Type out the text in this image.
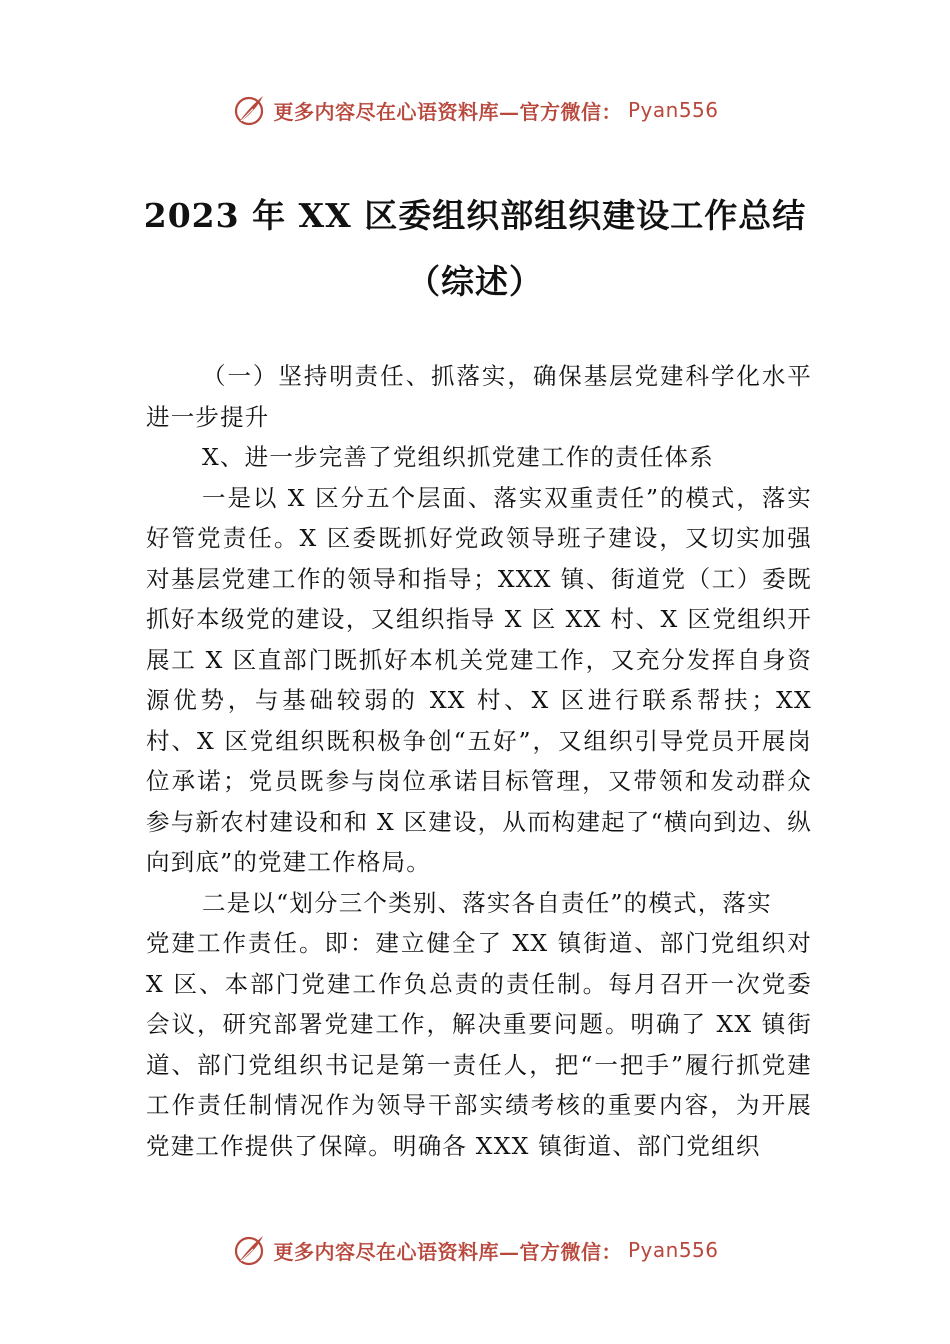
更多内容尽在心语资料库—官方微信： Pyan556
2023 年 XX 区委组织部组织建设工作总结
（综述）

（一）坚持明责任、抓落实，确保基层党建科学化水平进一步提升

X、进一步完善了党组织抓党建工作的责任体系

一是以 X 区分五个层面、落实双重责任”的模式，落实好管党责任。X 区委既抓好党政领导班子建设，又切实加强对基层党建工作的领导和指导；XXX 镇、街道党（工）委既抓好本级党的建设，又组织指导 X 区 XX 村、X 区党组织开展工 X 区直部门既抓好本机关党建工作，又充分发挥自身资源优势，与基础较弱的 XX 村、X 区进行联系帮扶；XX 村、X 区党组织既积极争创“五好”，又组织引导党员开展岗位承诺；党员既参与岗位承诺目标管理，又带领和发动群众参与新农村建设和和 X 区建设，从而构建起了“横向到边、纵向到底”的党建工作格局。

二是以“划分三个类别、落实各自责任”的模式，落实

党建工作责任。即：建立健全了 XX 镇街道、部门党组织对 X 区、本部门党建工作负总责的责任制。每月召开一次党委会议，研究部署党建工作，解决重要问题。明确了 XX 镇街道、部门党组织书记是第一责任人，把“一把手”履行抓党建工作责任制情况作为领导干部实绩考核的重要内容，为开展党建工作提供了保障。明确各 XXX 镇街道、部门党组织

更多内容尽在心语资料库—官方微信： Pyan556
